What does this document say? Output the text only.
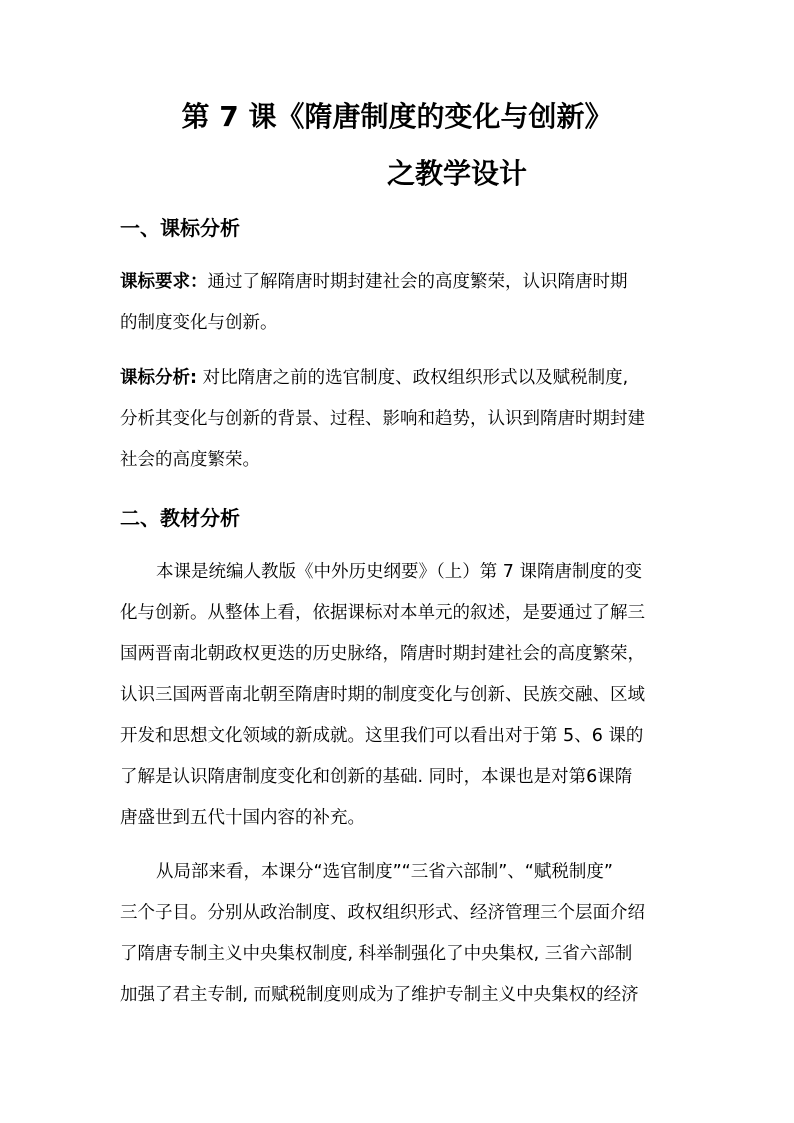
第 7 课《隋唐制度的变化与创新》
之教学设计
一、课标分析
课标要求：通过了解隋唐时期封建社会的高度繁荣，认识隋唐时期
的制度变化与创新。
课标分析: 对比隋唐之前的选官制度、政权组织形式以及赋税制度,
分析其变化与创新的背景、过程、影响和趋势，认识到隋唐时期封建
社会的高度繁荣。
二、教材分析
本课是统编人教版《中外历史纲要》（上）第 7 课隋唐制度的变
化与创新。从整体上看，依据课标对本单元的叙述，是要通过了解三
国两晋南北朝政权更迭的历史脉络，隋唐时期封建社会的高度繁荣，
认识三国两晋南北朝至隋唐时期的制度变化与创新、民族交融、区域
开发和思想文化领域的新成就。这里我们可以看出对于第 5、6 课的
了解是认识隋唐制度变化和创新的基础. 同时，本课也是对第6课隋
唐盛世到五代十国内容的补充。
从局部来看，本课分“选官制度”“三省六部制”、“赋税制度”
三个子目。分别从政治制度、政权组织形式、经济管理三个层面介绍
了隋唐专制主义中央集权制度, 科举制强化了中央集权, 三省六部制
加强了君主专制, 而赋税制度则成为了维护专制主义中央集权的经济
